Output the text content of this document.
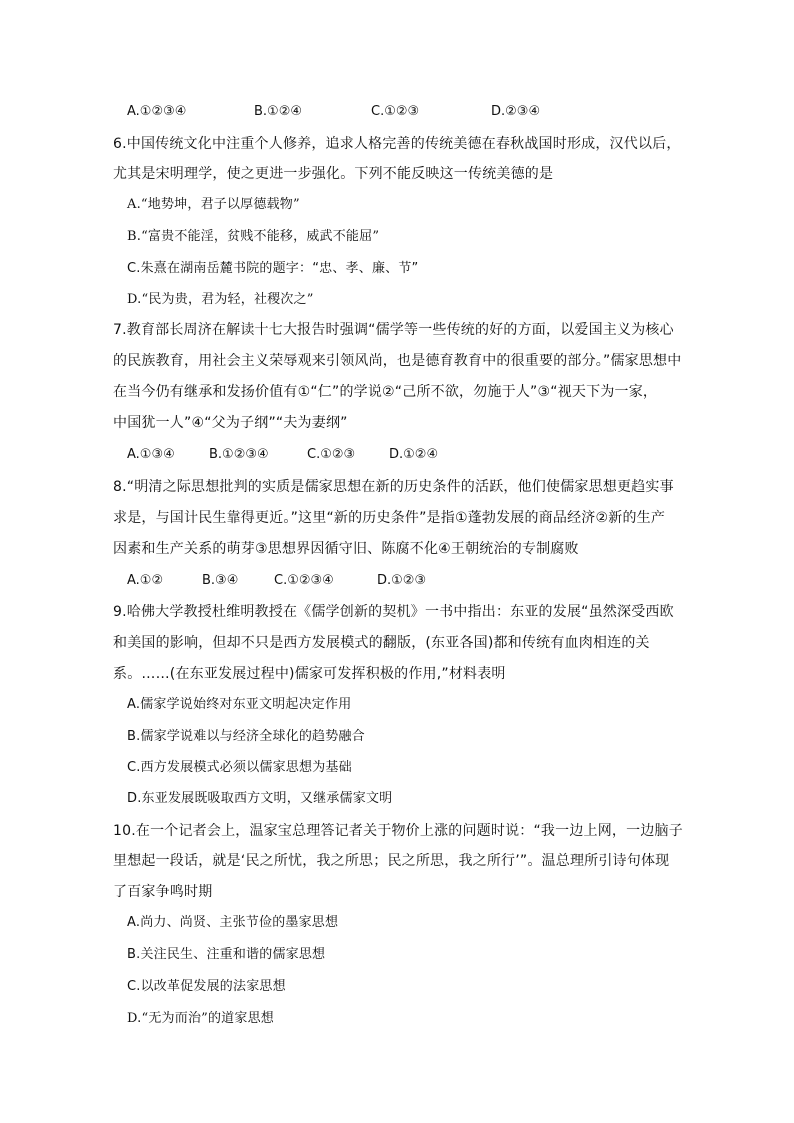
A.①②③④	B.①②④	C.①②③	D.②③④
6.中国传统文化中注重个人修养，追求人格完善的传统美德在春秋战国时形成，汉代以后，
尤其是宋明理学，使之更进一步强化。下列不能反映这一传统美德的是
A.“地势坤，君子以厚德载物”
B.“富贵不能淫，贫贱不能移，威武不能屈”
C.朱熹在湖南岳麓书院的题字：“忠、孝、廉、节”
D.“民为贵，君为轻，社稷次之”
7.教育部长周济在解读十七大报告时强调“儒学等一些传统的好的方面，以爱国主义为核心
的民族教育，用社会主义荣辱观来引领风尚，也是德育教育中的很重要的部分。”儒家思想中
在当今仍有继承和发扬价值有①“仁”的学说②“己所不欲，勿施于人”③“视天下为一家，
中国犹一人”④“父为子纲”“夫为妻纲”
A.①③④	B.①②③④	C.①②③	D.①②④
8.“明清之际思想批判的实质是儒家思想在新的历史条件的活跃，他们使儒家思想更趋实事
求是，与国计民生靠得更近。”这里“新的历史条件”是指①蓬勃发展的商品经济②新的生产
因素和生产关系的萌芽③思想界因循守旧、陈腐不化④王朝统治的专制腐败
A.①②	B.③④	C.①②③④	D.①②③
9.哈佛大学教授杜维明教授在《儒学创新的契机》一书中指出：东亚的发展“虽然深受西欧
和美国的影响，但却不只是西方发展模式的翻版，(东亚各国)都和传统有血肉相连的关
系。……(在东亚发展过程中)儒家可发挥积极的作用,”材料表明
A.儒家学说始终对东亚文明起决定作用
B.儒家学说难以与经济全球化的趋势融合
C.西方发展模式必须以儒家思想为基础
D.东亚发展既吸取西方文明，又继承儒家文明
10.在一个记者会上，温家宝总理答记者关于物价上涨的问题时说：“我一边上网，一边脑子
里想起一段话，就是‘民之所忧，我之所思；民之所思，我之所行’”。温总理所引诗句体现
了百家争鸣时期
A.尚力、尚贤、主张节俭的墨家思想
B.关注民生、注重和谐的儒家思想
C.以改革促发展的法家思想
D.“无为而治”的道家思想
